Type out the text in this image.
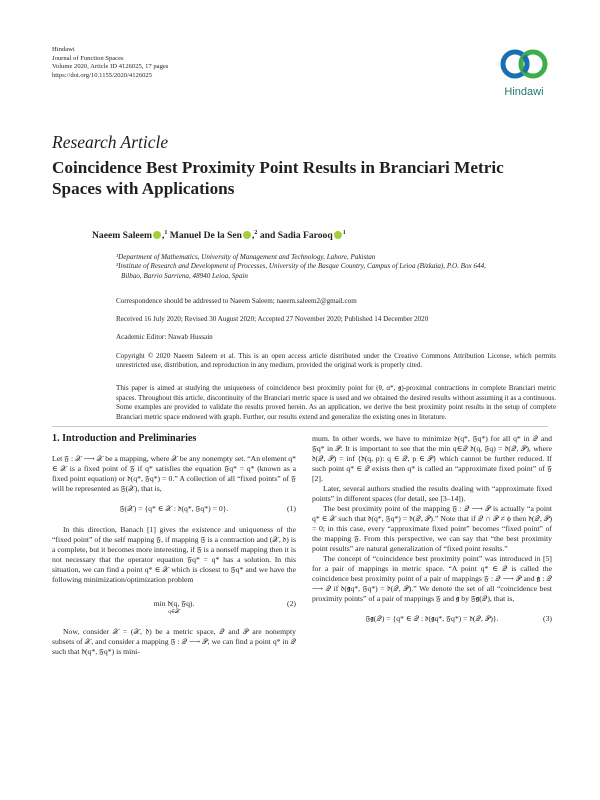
Hindawi
Journal of Function Spaces
Volume 2020, Article ID 4126025, 17 pages
https://doi.org/10.1155/2020/4126025
Hindawi
Research Article
Coincidence Best Proximity Point Results in Branciari Metric Spaces with Applications
Naeem Saleem ,$^1$ Manuel De la Sen ,$^2$ and Sadia Farooq $^1$
¹Department of Mathematics, University of Management and Technology, Lahore, Pakistan
²Institute of Research and Development of Processes, University of the Basque Country, Campus of Leioa (Bizkaia), P.O. Box 644,
Bilbao, Barrio Sarriena, 48940 Leioa, Spain
Correspondence should be addressed to Naeem Saleem; naeem.saleem2@gmail.com
Received 16 July 2020; Revised 30 August 2020; Accepted 27 November 2020; Published 14 December 2020
Academic Editor: Nawab Hussain
Copyright © 2020 Naeem Saleem et al. This is an open access article distributed under the Creative Commons Attribution License, which permits unrestricted use, distribution, and reproduction in any medium, provided the original work is properly cited.
This paper is aimed at studying the uniqueness of coincidence best proximity point for (θ, α*, 𝖌)-proximal contractions in complete Branciari metric spaces. Throughout this article, discontinuity of the Branciari metric space is used and we obtained the desired results without assuming it as a continuous. Some examples are provided to validate the results proved herein. As an application, we derive the best proximity point results in the setup of complete Branciari metric space endowed with graph. Further, our results extend and generalize the existing ones in literature.
1. Introduction and Preliminaries

Let 𝔉 : 𝒳 ⟶ 𝒳 be a mapping, where 𝒳 be any nonempty set. “An element q* ∈ 𝒳 is a fixed point of 𝔉 if q* satisfies the equation 𝔉q* = q* (known as a fixed point equation) or 𝔡(q*, 𝔉q*) = 0.” A collection of all “fixed points” of 𝔉 will be represented as 𝔉(𝒳), that is,

𝔉(𝒳) = {q* ∈ 𝒳 : 𝔡(q*, 𝔉q*) = 0}.	(1)

In this direction, Banach [1] gives the existence and uniqueness of the “fixed point” of the self mapping 𝔉, if mapping 𝔉 is a contraction and (𝒳, 𝔡) is a complete, but it becomes more interesting, if 𝔉 is a nonself mapping then it is not necessary that the operator equation 𝔉q* = q* has a solution. In this situation, we can find a point q* ∈ 𝒳 which is closest to 𝔉q* and we have the following minimization/optimization problem

min 𝔡(q, 𝔉q).
q∈𝒳
(2)

Now, consider 𝒳 = (𝒳, 𝔡) be a metric space, 𝒬 and 𝒫 are nonempty subsets of 𝒳, and consider a mapping 𝔉 : 𝒬 ⟶ 𝒫, we can find a point q* in 𝒬 such that 𝔡(q*, 𝔉q*) is mini-

mum. In other words, we have to minimize 𝔡(q*, 𝔉q*) for all q* in 𝒬 and 𝔉q* in 𝒫. It is important to see that the min q∈𝒬 𝔡(q, 𝔉q) = 𝔡(𝒬, 𝒫), where 𝔡(𝒬, 𝒫) = inf {𝔡(q, p): q ∈ 𝒬, p ∈ 𝒫} which cannot be further reduced. If such point q* ∈ 𝒬 exists then q* is called an “approximate fixed point” of 𝔉 [2].

Later, several authors studied the results dealing with “approximate fixed points” in different spaces (for detail, see [3–14]).

The best proximity point of the mapping 𝔉 : 𝒬 ⟶ 𝒫 is actually “a point q* ∈ 𝒳 such that 𝔡(q*, 𝔉q*) = 𝔡(𝒬, 𝒫).” Note that if 𝒬 ∩ 𝒫 ≠ ϕ then 𝔡(𝒬, 𝒫) = 0; in this case, every “approximate fixed point” becomes “fixed point” of the mapping 𝔉. From this perspective, we can say that “the best proximity point results” are natural generalization of “fixed point results.”

The concept of “coincidence best proximity point” was introduced in [5] for a pair of mappings in metric space. “A point q* ∈ 𝒬 is called the coincidence best proximity point of a pair of mappings 𝔉 : 𝒬 ⟶ 𝒫 and 𝖌 : 𝒬 ⟶ 𝒬 if 𝔡(𝖌q*, 𝔉q*) = 𝔡(𝒬, 𝒫).” We denote the set of all “coincidence best proximity points” of a pair of mappings 𝔉 and 𝖌 by 𝔉𝖌(𝒬), that is,

𝔉𝖌(𝒬) = {q* ∈ 𝒬 : 𝔡(𝖌q*, 𝔉q*) = 𝔡(𝒬, 𝒫)}.	(3)
